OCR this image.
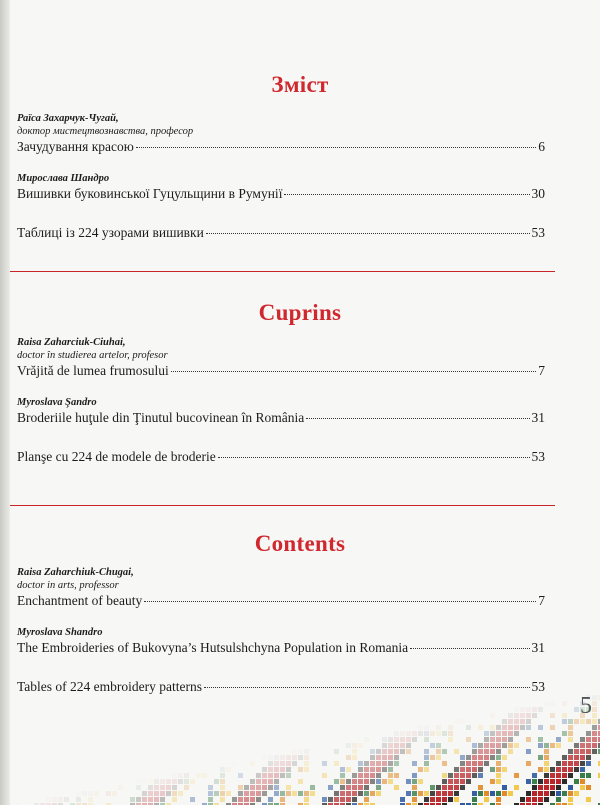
Зміст

Раїса Захарчук-Чугай,

доктор мистецтвознавства, професор

Зачудування красою	6

Мирослава Шандро

Вишивки буковинської Гуцульщини в Румунії	30
Таблиці із 224 узорами вишивки	53
Cuprins

Raisa Zaharciuk-Ciuhai,

doctor în studierea artelor, profesor

Vrăjită de lumea frumosului	7

Myroslava Şandro

Broderiile huţule din Ţinutul bucovinean în România	31
Planşe cu 224 de modele de broderie	53
Contents

Raisa Zaharchiuk-Chugai,

doctor in arts, professor

Enchantment of beauty	7

Myroslava Shandro

The Embroideries of Bukovyna’s Hutsulshchyna Population in Romania	31
Tables of 224 embroidery patterns	53
5
